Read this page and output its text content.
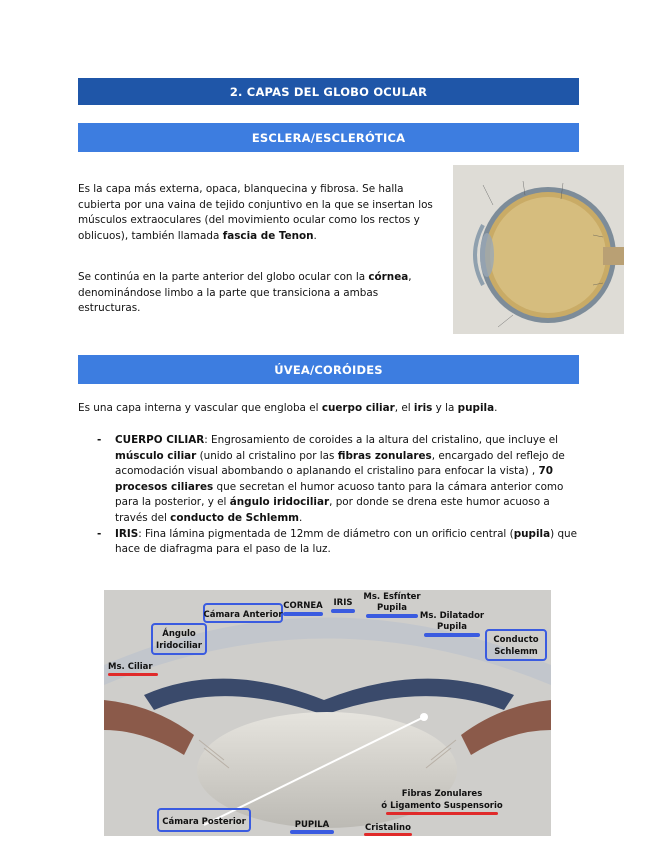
2. CAPAS DEL GLOBO OCULAR
ESCLERA/ESCLERÓTICA

Es la capa más externa, opaca, blanquecina y fibrosa. Se halla cubierta por una vaina de tejido conjuntivo en la que se insertan los músculos extraoculares (del movimiento ocular como los rectos y oblicuos), también llamada fascia de Tenon.

Se continúa en la parte anterior del globo ocular con la córnea, denominándose limbo a la parte que transiciona a ambas estructuras.

ÚVEA/CORÓIDES

Es una capa interna y vascular que engloba el cuerpo ciliar, el iris y la pupila.

- CUERPO CILIAR: Engrosamiento de coroides a la altura del cristalino, que incluye el músculo ciliar (unido al cristalino por las fibras zonulares, encargado del reflejo de acomodación visual abombando o aplanando el cristalino para enfocar la vista) , 70 procesos ciliares que secretan el humor acuoso tanto para la cámara anterior como para la posterior, y el ángulo iridociliar, por donde se drena este humor acuoso a través del conducto de Schlemm.
- IRIS: Fina lámina pigmentada de 12mm de diámetro con un orificio central (pupila) que hace de diafragma para el paso de la luz.
Cámara Anterior
CORNEA IRIS
Ms. Esfínter
Pupila
Ms. Dilatador
Pupila
Ángulo
Iridociliar
Conducto
Schlemm
Ms. Ciliar
Fibras Zonulares
ó Ligamento Suspensorio
Cámara Posterior	PUPILA	Cristalino
